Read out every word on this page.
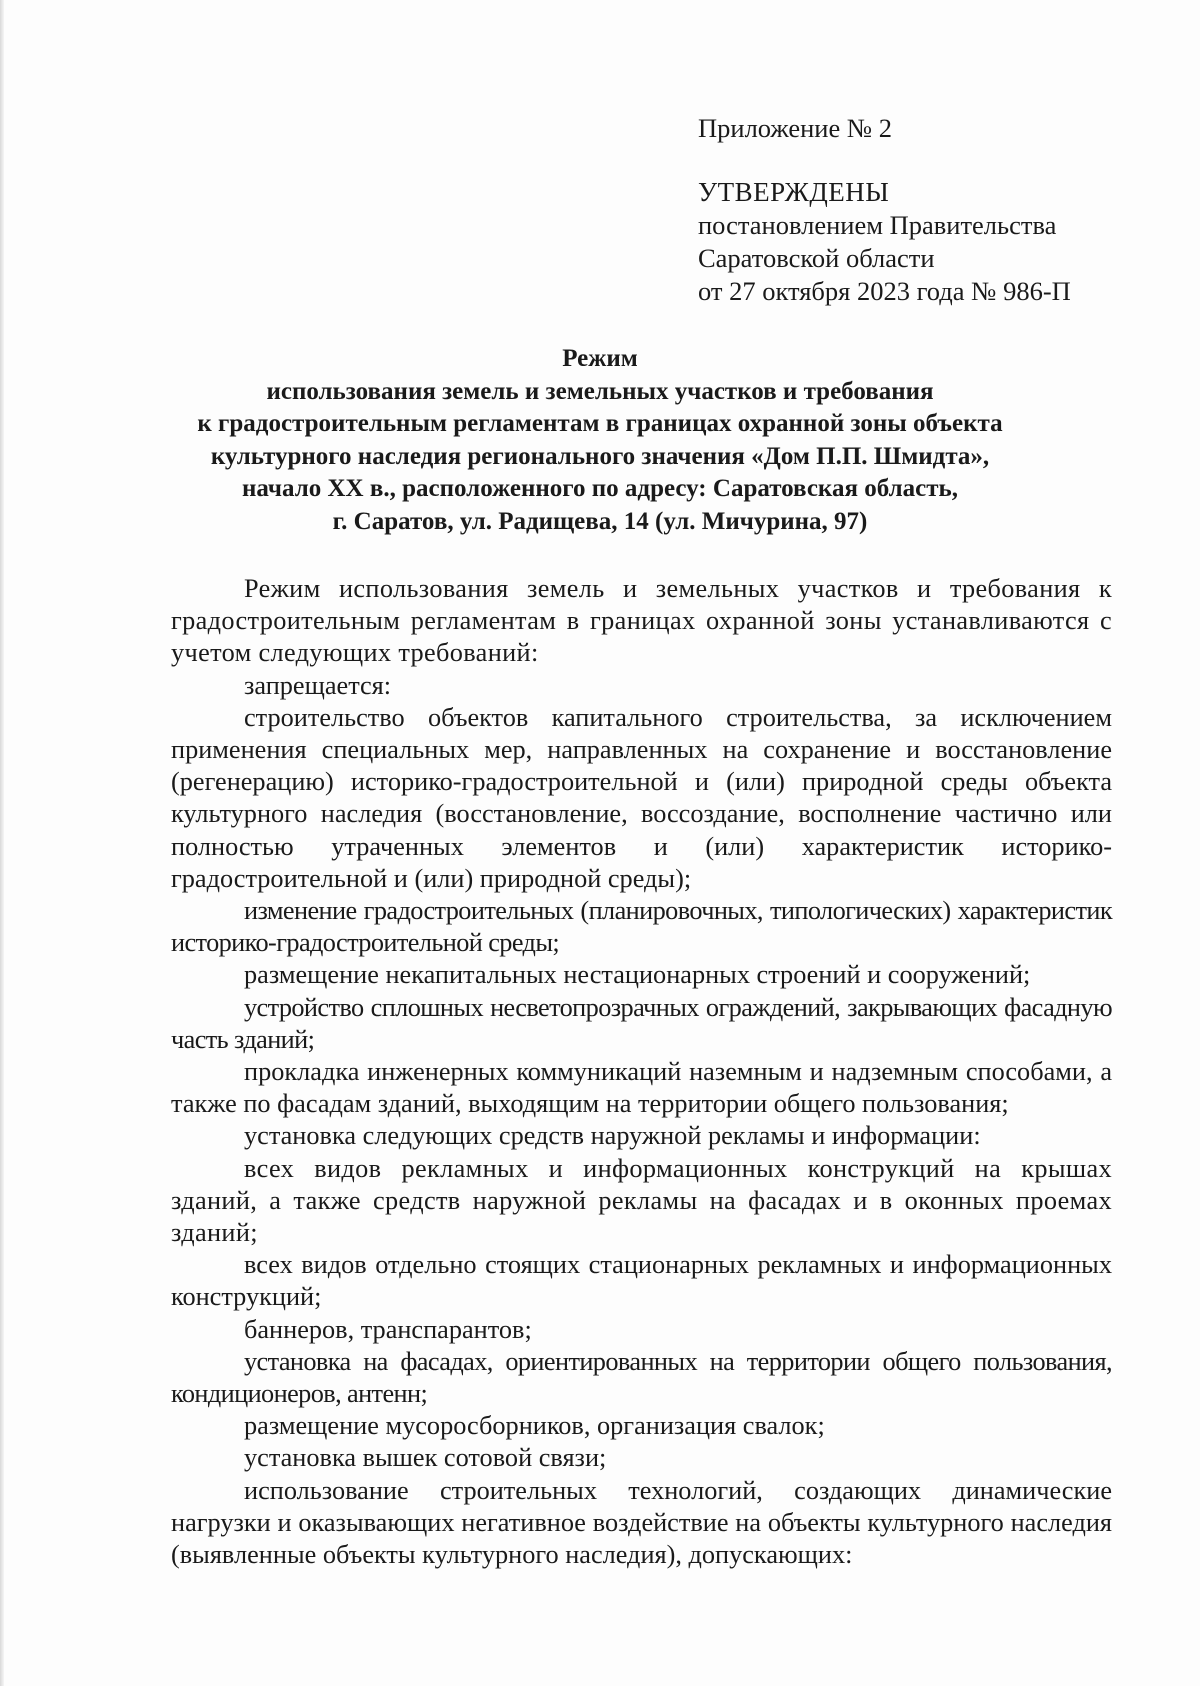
Приложение № 2
УТВЕРЖДЕНЫ
постановлением Правительства
Саратовской области
от 27 октября 2023 года № 986-П
Режим
использования земель и земельных участков и требования
к градостроительным регламентам в границах охранной зоны объекта
культурного наследия регионального значения «Дом П.П. Шмидта»,
начало XX в., расположенного по адресу: Саратовская область,
г. Саратов, ул. Радищева, 14 (ул. Мичурина, 97)

Режим использования земель и земельных участков и требования к градостроительным регламентам в границах охранной зоны устанавливаются с учетом следующих требований:

запрещается:

строительство объектов капитального строительства, за исключением применения специальных мер, направленных на сохранение и восстановление (регенерацию) историко-градостроительной и (или) природной среды объекта культурного наследия (восстановление, воссоздание, восполнение частично или полностью утраченных элементов и (или) характеристик историко-градостроительной и (или) природной среды);

изменение градостроительных (планировочных, типологических) характеристик историко-градостроительной среды;

размещение некапитальных нестационарных строений и сооружений;

устройство сплошных несветопрозрачных ограждений, закрывающих фасадную часть зданий;

прокладка инженерных коммуникаций наземным и надземным способами, а также по фасадам зданий, выходящим на территории общего пользования;

установка следующих средств наружной рекламы и информации:

всех видов рекламных и информационных конструкций на крышах зданий, а также средств наружной рекламы на фасадах и в оконных проемах зданий;

всех видов отдельно стоящих стационарных рекламных и информационных конструкций;

баннеров, транспарантов;

установка на фасадах, ориентированных на территории общего пользования, кондиционеров, антенн;

размещение мусоросборников, организация свалок;

установка вышек сотовой связи;

использование строительных технологий, создающих динамические нагрузки и оказывающих негативное воздействие на объекты культурного наследия (выявленные объекты культурного наследия), допускающих:
